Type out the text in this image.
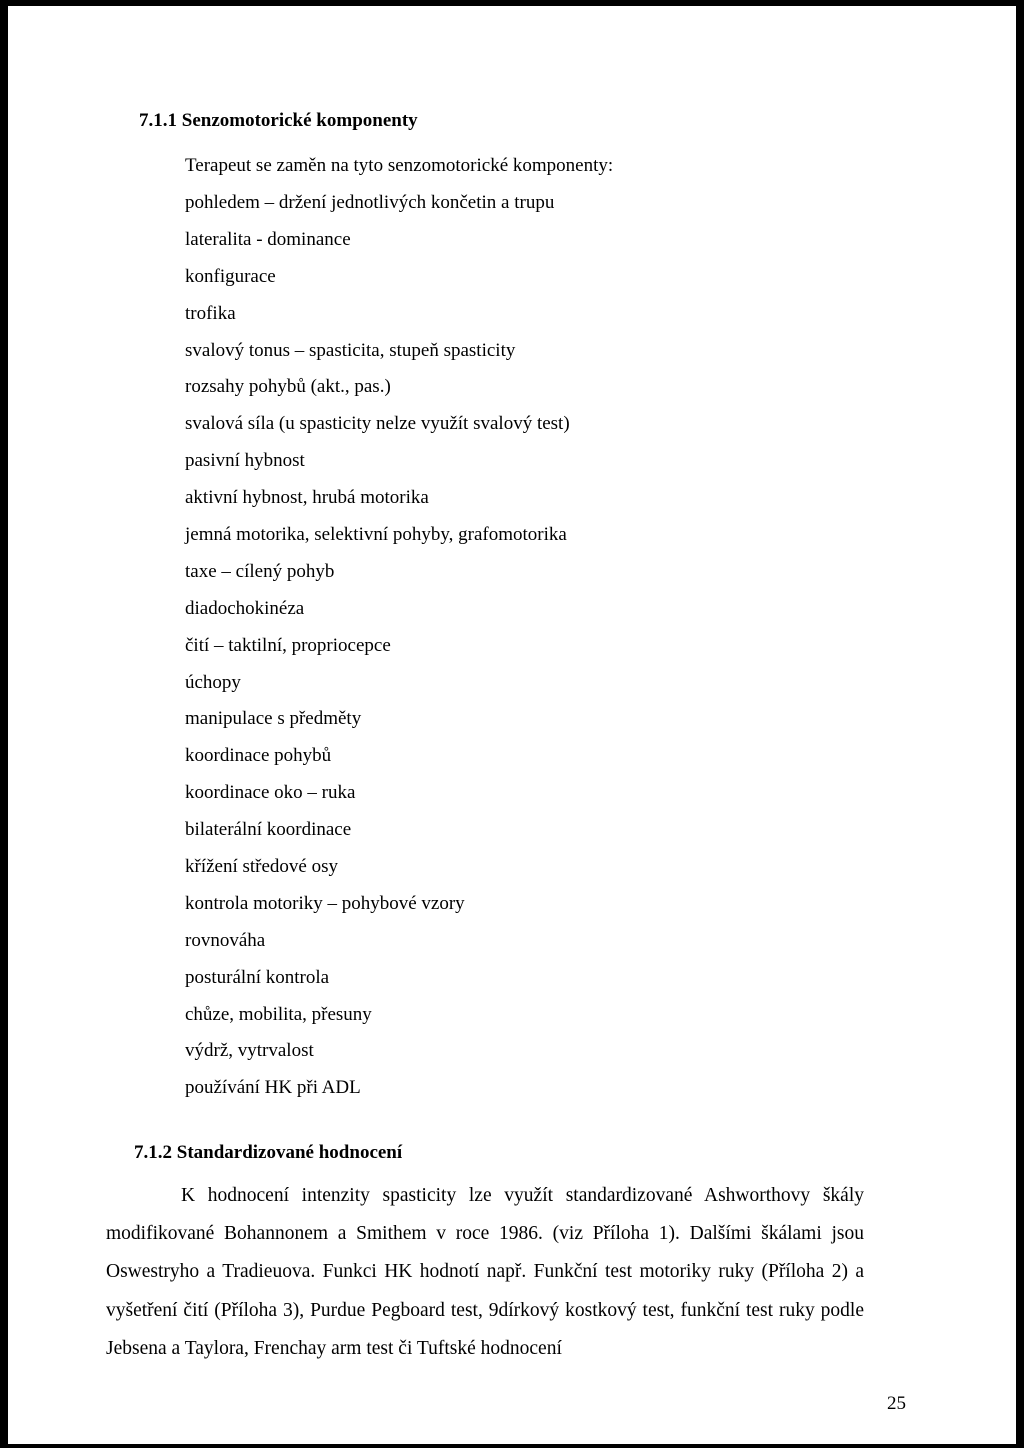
7.1.1 Senzomotorické komponenty
Terapeut se zaměn na tyto senzomotorické komponenty:
pohledem – držení jednotlivých končetin a trupu
lateralita - dominance
konfigurace
trofika
svalový tonus – spasticita, stupeň spasticity
rozsahy pohybů (akt., pas.)
svalová síla (u spasticity nelze využít svalový test)
pasivní hybnost
aktivní hybnost, hrubá motorika
jemná motorika, selektivní pohyby, grafomotorika
taxe – cílený pohyb
diadochokinéza
čití – taktilní, propriocepce
úchopy
manipulace s předměty
koordinace pohybů
koordinace oko – ruka
bilaterální koordinace
křížení středové osy
kontrola motoriky – pohybové vzory
rovnováha
posturální kontrola
chůze, mobilita, přesuny
výdrž, vytrvalost
používání HK při ADL
7.1.2 Standardizované hodnocení

K hodnocení intenzity spasticity lze využít standardizované Ashworthovy škály modifikované Bohannonem a Smithem v roce 1986. (viz Příloha 1). Dalšími škálami jsou Oswestryho a Tradieuova. Funkci HK hodnotí např. Funkční test motoriky ruky (Příloha 2) a vyšetření čití (Příloha 3), Purdue Pegboard test, 9dírkový kostkový test, funkční test ruky podle Jebsena a Taylora, Frenchay arm test či Tuftské hodnocení

25
